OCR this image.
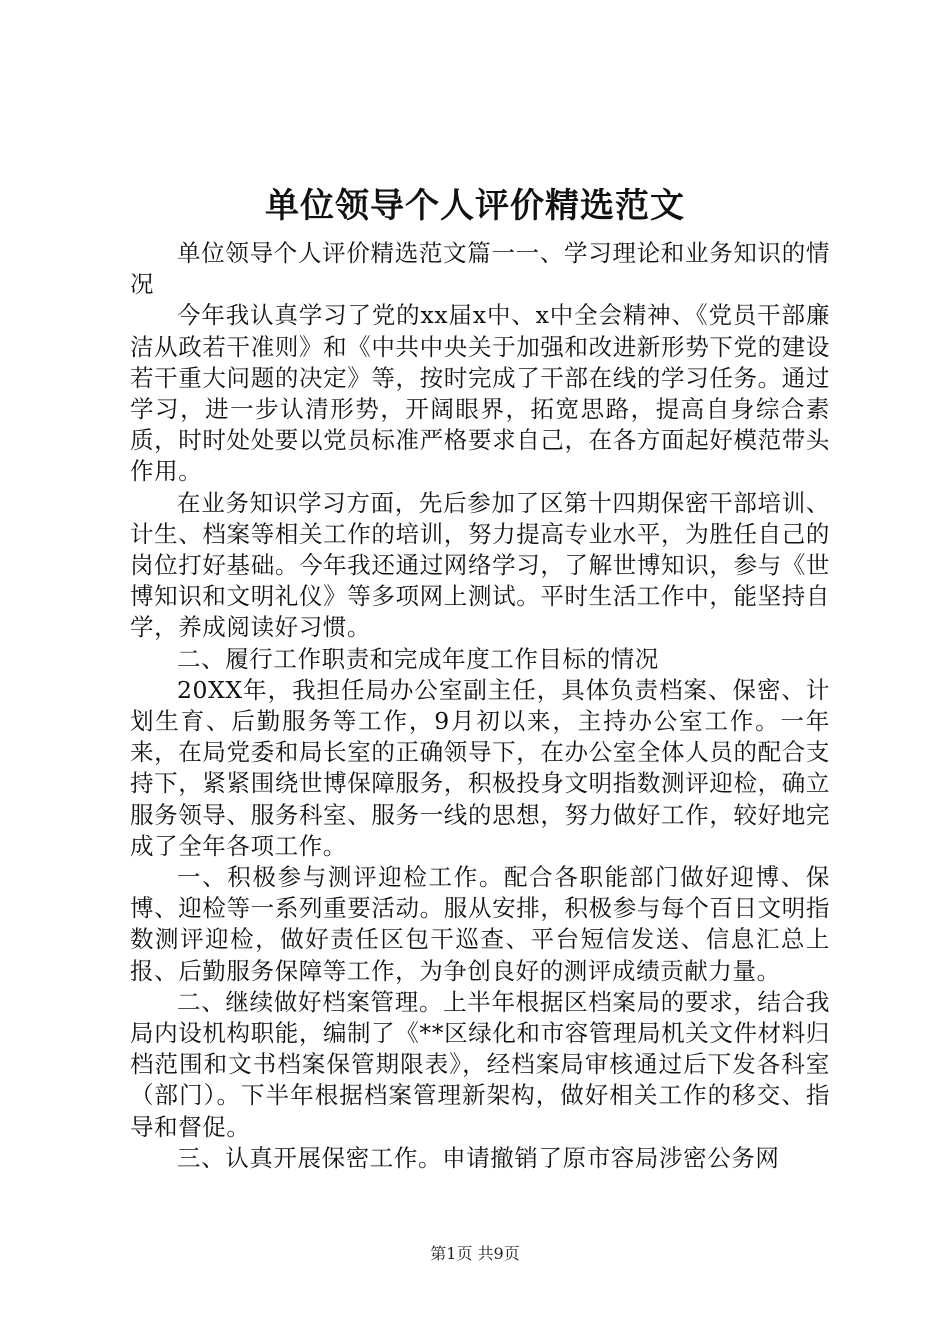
单位领导个人评价精选范文

单位领导个人评价精选范文篇一一、学习理论和业务知识的情况

今年我认真学习了党的xx届x中、x中全会精神、《党员干部廉洁从政若干准则》和《中共中央关于加强和改进新形势下党的建设若干重大问题的决定》等，按时完成了干部在线的学习任务。通过学习，进一步认清形势，开阔眼界，拓宽思路，提高自身综合素质，时时处处要以党员标准严格要求自己，在各方面起好模范带头作用。

在业务知识学习方面，先后参加了区第十四期保密干部培训、计生、档案等相关工作的培训，努力提高专业水平，为胜任自己的岗位打好基础。今年我还通过网络学习，了解世博知识，参与《世博知识和文明礼仪》等多项网上测试。平时生活工作中，能坚持自学，养成阅读好习惯。

二、履行工作职责和完成年度工作目标的情况

20XX年，我担任局办公室副主任，具体负责档案、保密、计划生育、后勤服务等工作，9月初以来，主持办公室工作。一年来，在局党委和局长室的正确领导下，在办公室全体人员的配合支持下，紧紧围绕世博保障服务，积极投身文明指数测评迎检，确立服务领导、服务科室、服务一线的思想，努力做好工作，较好地完成了全年各项工作。

一、积极参与测评迎检工作。配合各职能部门做好迎博、保博、迎检等一系列重要活动。服从安排，积极参与每个百日文明指数测评迎检，做好责任区包干巡查、平台短信发送、信息汇总上报、后勤服务保障等工作，为争创良好的测评成绩贡献力量。

二、继续做好档案管理。上半年根据区档案局的要求，结合我局内设机构职能，编制了《**区绿化和市容管理局机关文件材料归档范围和文书档案保管期限表》，经档案局审核通过后下发各科室（部门）。下半年根据档案管理新架构，做好相关工作的移交、指导和督促。

三、认真开展保密工作。申请撤销了原市容局涉密公务网

第1页 共9页
